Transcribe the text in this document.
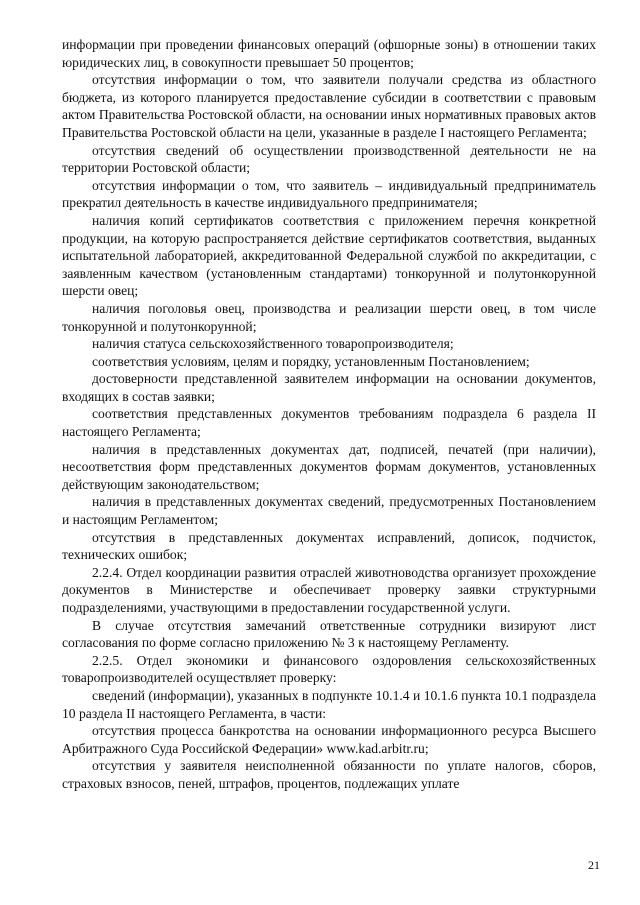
информации при проведении финансовых операций (офшорные зоны) в отношении таких юридических лиц, в совокупности превышает 50 процентов;

отсутствия информации о том, что заявители получали средства из областного бюджета, из которого планируется предоставление субсидии в соответствии с правовым актом Правительства Ростовской области, на основании иных нормативных правовых актов Правительства Ростовской области на цели, указанные в разделе I настоящего Регламента;

отсутствия сведений об осуществлении производственной деятельности не на территории Ростовской области;

отсутствия информации о том, что заявитель – индивидуальный предприниматель прекратил деятельность в качестве индивидуального предпринимателя;

наличия копий сертификатов соответствия с приложением перечня конкретной продукции, на которую распространяется действие сертификатов соответствия, выданных испытательной лабораторией, аккредитованной Федеральной службой по аккредитации, с заявленным качеством (установленным стандартами) тонкорунной и полутонкорунной шерсти овец;

наличия поголовья овец, производства и реализации шерсти овец, в том числе тонкорунной и полутонкорунной;

наличия статуса сельскохозяйственного товаропроизводителя;

соответствия условиям, целям и порядку, установленным Постановлением;

достоверности представленной заявителем информации на основании документов, входящих в состав заявки;

соответствия представленных документов требованиям подраздела 6 раздела II настоящего Регламента;

наличия в представленных документах дат, подписей, печатей (при наличии), несоответствия форм представленных документов формам документов, установленных действующим законодательством;

наличия в представленных документах сведений, предусмотренных Постановлением и настоящим Регламентом;

отсутствия в представленных документах исправлений, дописок, подчисток, технических ошибок;

2.2.4. Отдел координации развития отраслей животноводства организует прохождение документов в Министерстве и обеспечивает проверку заявки структурными подразделениями, участвующими в предоставлении государственной услуги.

В случае отсутствия замечаний ответственные сотрудники визируют лист согласования по форме согласно приложению № 3 к настоящему Регламенту.

2.2.5. Отдел экономики и финансового оздоровления сельскохозяйственных товаропроизводителей осуществляет проверку:

сведений (информации), указанных в подпункте 10.1.4 и 10.1.6 пункта 10.1 подраздела 10 раздела II настоящего Регламента, в части:

отсутствия процесса банкротства на основании информационного ресурса Высшего Арбитражного Суда Российской Федерации» www.kad.arbitr.ru;

отсутствия у заявителя неисполненной обязанности по уплате налогов, сборов, страховых взносов, пеней, штрафов, процентов, подлежащих уплате

21
